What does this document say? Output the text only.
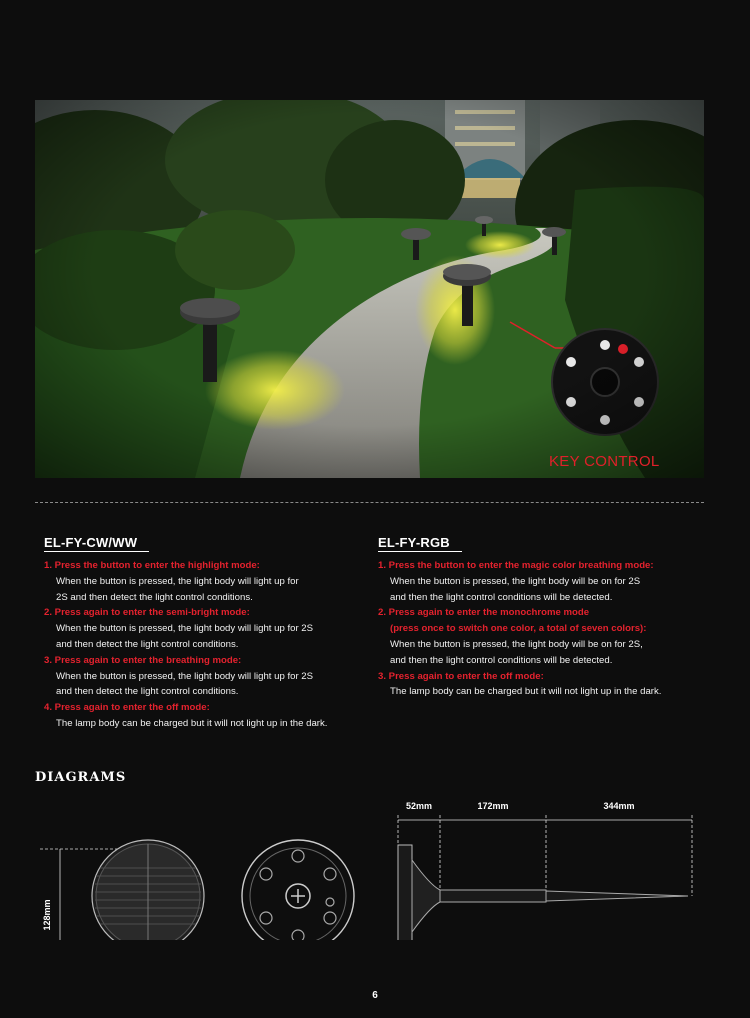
KEY CONTROL
EL-FY-CW/WW
1. Press the button to enter the highlight mode:
When the button is pressed, the light body will light up for
2S and then detect the light control conditions.
2. Press again to enter the semi-bright mode:
When the button is pressed, the light body will light up for 2S
and then detect the light control conditions.
3. Press again to enter the breathing mode:
When the button is pressed, the light body will light up for 2S
and then detect the light control conditions.
4. Press again to enter the off mode:
The lamp body can be charged but it will not light up in the dark.
EL-FY-RGB
1. Press the button to enter the magic color breathing mode:
When the button is pressed, the light body will be on for 2S
and then the light control conditions will be detected.
2. Press again to enter the monochrome mode
(press once to switch one color, a total of seven colors):
When the button is pressed, the light body will be on for 2S,
and then the light control conditions will be detected.
3. Press again to enter the off mode:
The lamp body can be charged but it will not light up in the dark.
DIAGRAMS
128mm
52mm	172mm	344mm
6
